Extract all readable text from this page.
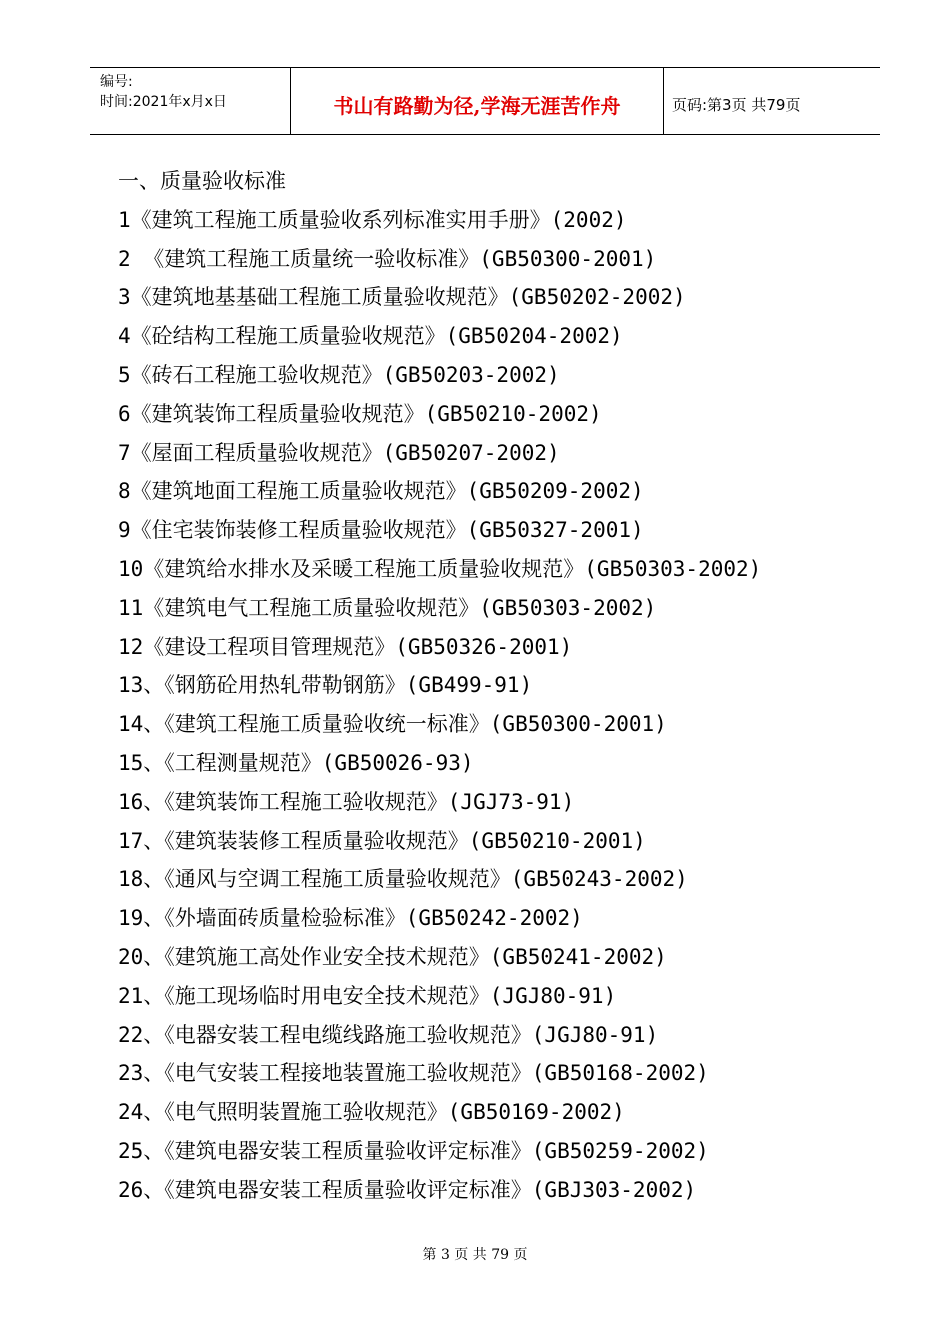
编号:
时间:2021年x月x日	书山有路勤为径,学海无涯苦作舟	页码:第3页 共79页
一、质量验收标准
1《建筑工程施工质量验收系列标准实用手册》(2002)
2 《建筑工程施工质量统一验收标准》(GB50300-2001)
3《建筑地基基础工程施工质量验收规范》(GB50202-2002)
4《砼结构工程施工质量验收规范》(GB50204-2002)
5《砖石工程施工验收规范》(GB50203-2002)
6《建筑装饰工程质量验收规范》(GB50210-2002)
7《屋面工程质量验收规范》(GB50207-2002)
8《建筑地面工程施工质量验收规范》(GB50209-2002)
9《住宅装饰装修工程质量验收规范》(GB50327-2001)
10《建筑给水排水及采暖工程施工质量验收规范》(GB50303-2002)
11《建筑电气工程施工质量验收规范》(GB50303-2002)
12《建设工程项目管理规范》(GB50326-2001)
13、《钢筋砼用热轧带勒钢筋》(GB499-91)
14、《建筑工程施工质量验收统一标准》(GB50300-2001)
15、《工程测量规范》(GB50026-93)
16、《建筑装饰工程施工验收规范》(JGJ73-91)
17、《建筑装装修工程质量验收规范》(GB50210-2001)
18、《通风与空调工程施工质量验收规范》(GB50243-2002)
19、《外墙面砖质量检验标准》(GB50242-2002)
20、《建筑施工高处作业安全技术规范》(GB50241-2002)
21、《施工现场临时用电安全技术规范》(JGJ80-91)
22、《电器安装工程电缆线路施工验收规范》(JGJ80-91)
23、《电气安装工程接地装置施工验收规范》(GB50168-2002)
24、《电气照明装置施工验收规范》(GB50169-2002)
25、《建筑电器安装工程质量验收评定标准》(GB50259-2002)
26、《建筑电器安装工程质量验收评定标准》(GBJ303-2002)
第 3 页 共 79 页
